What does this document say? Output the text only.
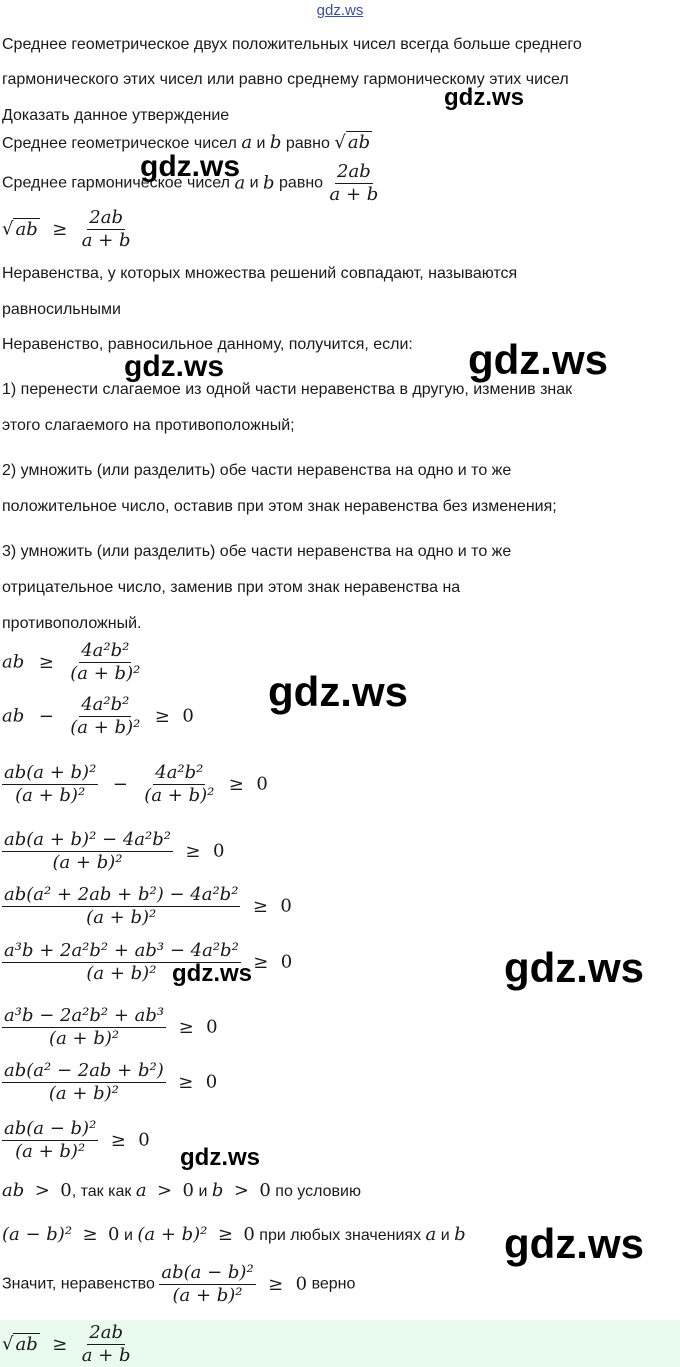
gdz.ws
Среднее геометрическое двух положительных чисел всегда больше среднего
гармонического этих чисел или равно среднему гармоническому этих чисел
Доказать данное утверждение
Среднее геометрическое чисел a и b равно √ ab
Среднее гармоническое чисел a и b равно $\frac{2ab}{a + b}$
√ ab ≥ $\frac{2ab}{a + b}$
Неравенства, у которых множества решений совпадают, называются
равносильными
Неравенство, равносильное данному, получится, если:
1) перенести слагаемое из одной части неравенства в другую, изменив знак
этого слагаемого на противоположный;
2) умножить (или разделить) обе части неравенства на одно и то же
положительное число, оставив при этом знак неравенства без изменения;
3) умножить (или разделить) обе части неравенства на одно и то же
отрицательное число, заменив при этом знак неравенства на
противоположный.
ab ≥ $\frac{\text{4a²b²}}{\text{(a + b)²}}$
ab − $\frac{\text{4a²b²}}{\text{(a + b)²}} \ge 0$
$\frac{\text{ab(a + b)²}}{\text{(a + b)²}} - \frac{\text{4a²b²}}{\text{(a + b)²}} \ge 0$
$\frac{\text{ab(a + b)² − 4a²b²}}{\text{(a + b)²}} \ge 0$
$\frac{\text{ab(a² + 2ab + b²) − 4a²b²}}{\text{(a + b)²}} \ge 0$
$\frac{\text{a³b + 2a²b² + ab³ − 4a²b²}}{\text{(a + b)²}} \ge 0$
$\frac{\text{a³b − 2a²b² + ab³}}{\text{(a + b)²}} \ge 0$
$\frac{\text{ab(a² − 2ab + b²)}}{\text{(a + b)²}} \ge 0$
$\frac{\text{ab(a − b)²}}{\text{(a + b)²}} \ge 0$
ab > 0, так как a > 0 и b > 0 по условию
(a − b)² ≥ 0 и (a + b)² ≥ 0 при любых значениях a и b
Значит, неравенство $\frac{\text{ab(a − b)²}}{\text{(a + b)²}} \ge 0$ верно
√ ab ≥ $\frac{2ab}{a + b}$
gdz.ws
gdz.ws
gdz.ws	gdz.ws
gdz.ws
gdz.ws	gdz.ws
gdz.ws
gdz.ws
